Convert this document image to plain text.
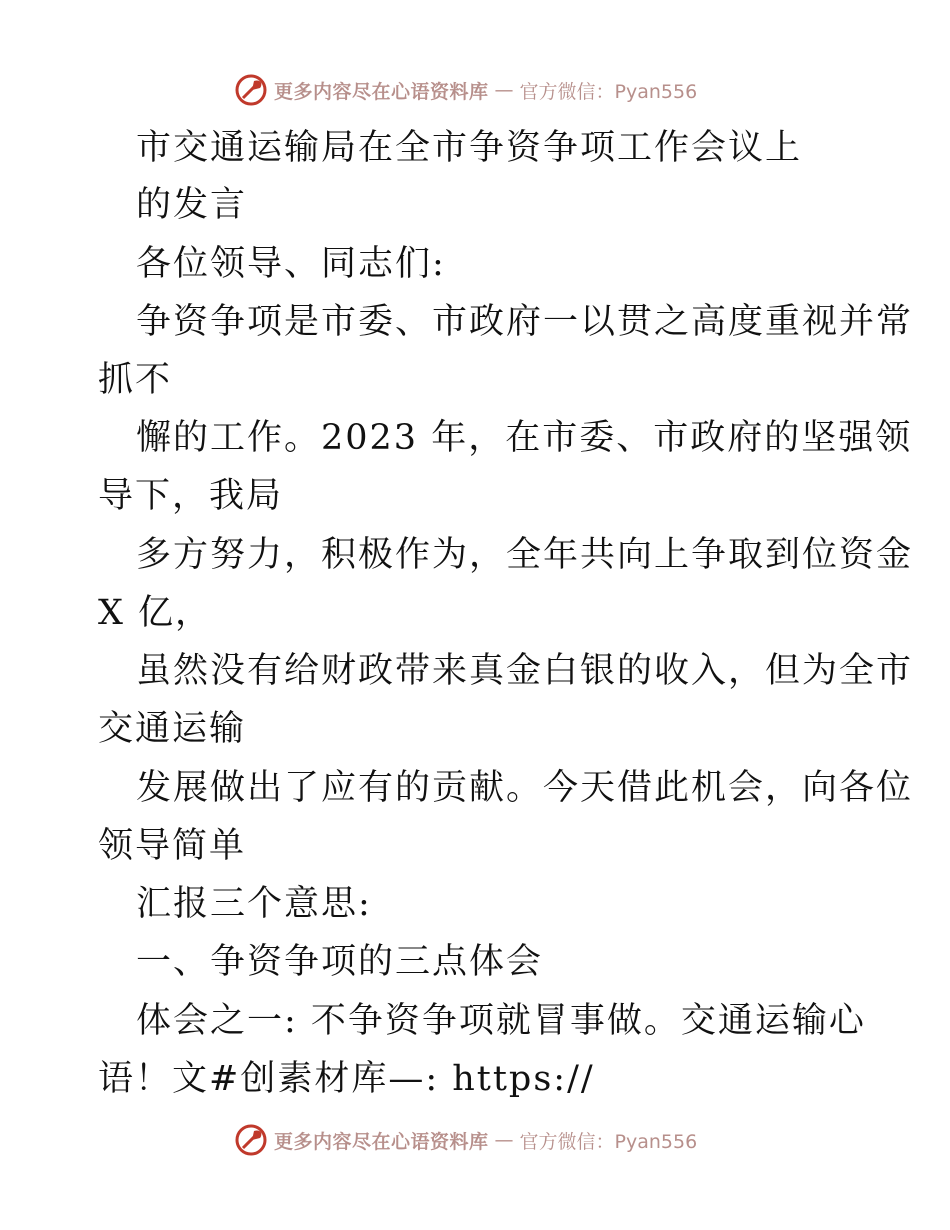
更多内容尽在心语资料库 — 官方微信：Pyan556
市交通运输局在全市争资争项工作会议上
的发言
各位领导、同志们:
争资争项是市委、市政府一以贯之高度重视并常
抓不
懈的工作。2023 年，在市委、市政府的坚强领
导下，我局
多方努力，积极作为，全年共向上争取到位资金
X 亿，
虽然没有给财政带来真金白银的收入，但为全市
交通运输
发展做出了应有的贡献。今天借此机会，向各位
领导简单
汇报三个意思:
一、争资争项的三点体会
体会之一: 不争资争项就冒事做。交通运输心
语！文#创素材库—: https://
更多内容尽在心语资料库 — 官方微信：Pyan556
